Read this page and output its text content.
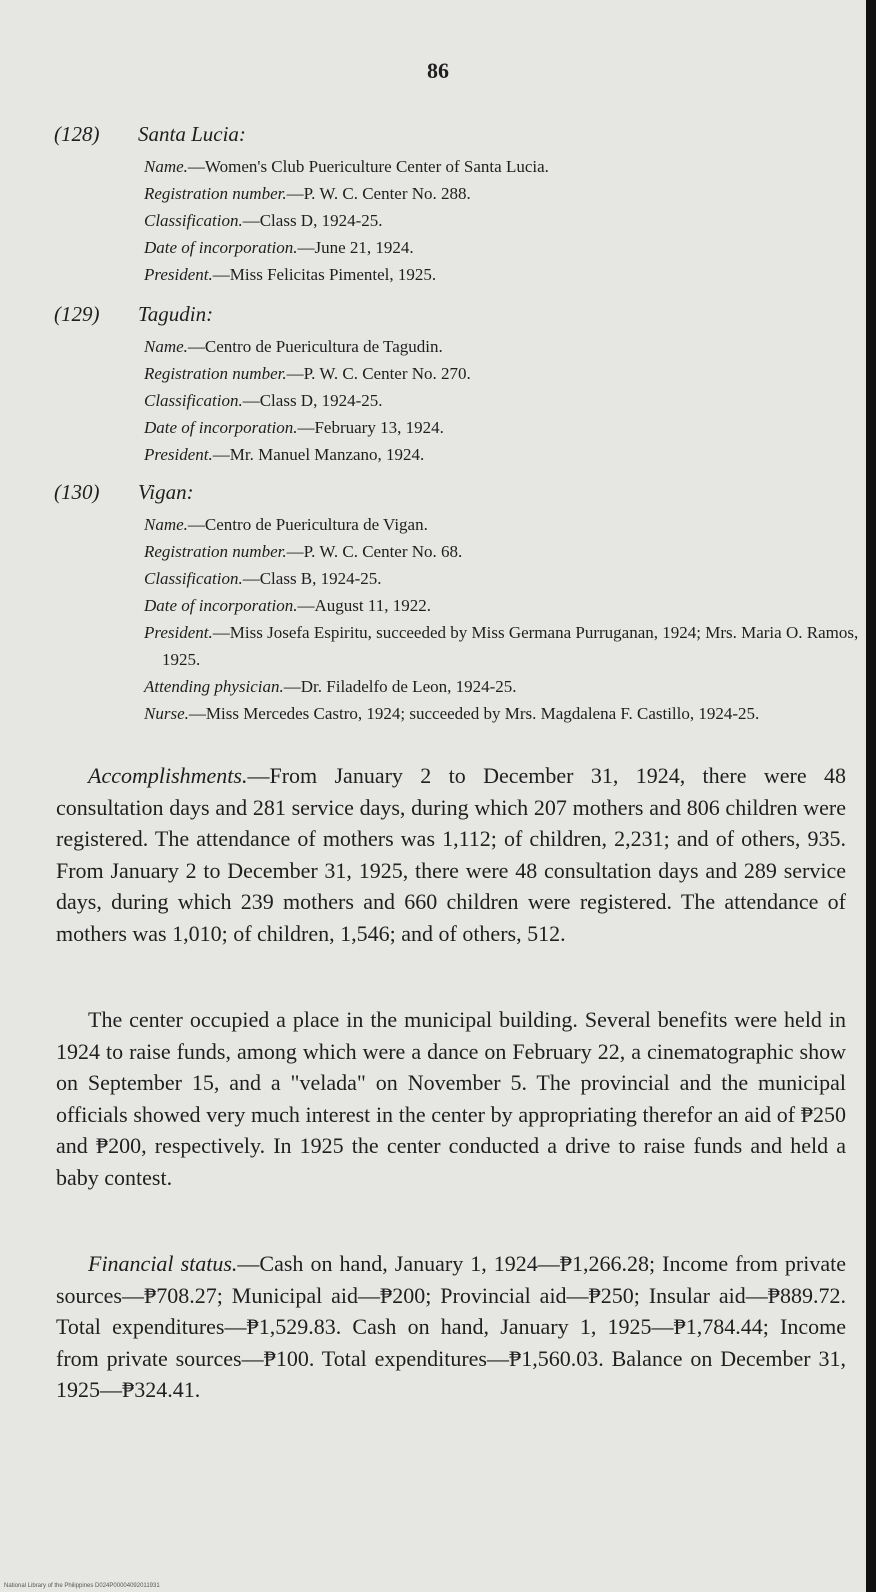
86
(128) Santa Lucia:
Name.—Women's Club Puericulture Center of Santa Lucia.
Registration number.—P. W. C. Center No. 288.
Classification.—Class D, 1924-25.
Date of incorporation.—June 21, 1924.
President.—Miss Felicitas Pimentel, 1925.
(129) Tagudin:
Name.—Centro de Puericultura de Tagudin.
Registration number.—P. W. C. Center No. 270.
Classification.—Class D, 1924-25.
Date of incorporation.—February 13, 1924.
President.—Mr. Manuel Manzano, 1924.
(130) Vigan:
Name.—Centro de Puericultura de Vigan.
Registration number.—P. W. C. Center No. 68.
Classification.—Class B, 1924-25.
Date of incorporation.—August 11, 1922.
President.—Miss Josefa Espiritu, succeeded by Miss Germana Purruganan, 1924; Mrs. Maria O. Ramos, 1925.
Attending physician.—Dr. Filadelfo de Leon, 1924-25.
Nurse.—Miss Mercedes Castro, 1924; succeeded by Mrs. Magdalena F. Castillo, 1924-25.
Accomplishments.—From January 2 to December 31, 1924, there were 48 consultation days and 281 service days, during which 207 mothers and 806 children were registered. The attendance of mothers was 1,112; of children, 2,231; and of others, 935. From January 2 to December 31, 1925, there were 48 consultation days and 289 service days, during which 239 mothers and 660 children were registered. The attendance of mothers was 1,010; of children, 1,546; and of others, 512.
The center occupied a place in the municipal building. Several benefits were held in 1924 to raise funds, among which were a dance on February 22, a cinematographic show on September 15, and a "velada" on November 5. The provincial and the municipal officials showed very much interest in the center by appropriating therefor an aid of ₱250 and ₱200, respectively. In 1925 the center conducted a drive to raise funds and held a baby contest.
Financial status.—Cash on hand, January 1, 1924—₱1,266.28; Income from private sources—₱708.27; Municipal aid—₱200; Provincial aid—₱250; Insular aid—₱889.72. Total expenditures—₱1,529.83. Cash on hand, January 1, 1925—₱1,784.44; Income from private sources—₱100. Total expenditures—₱1,560.03. Balance on December 31, 1925—₱324.41.
National Library of the Philippines D024P00004092011931
